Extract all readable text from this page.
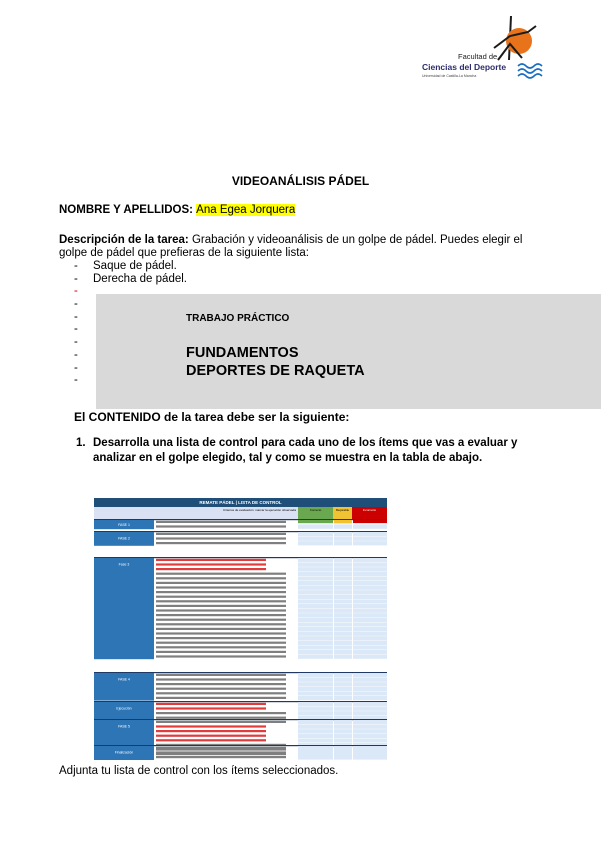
Facultad de
Ciencias del Deporte
Universidad de Castilla-La Mancha
VIDEOANÁLISIS PÁDEL
NOMBRE Y APELLIDOS: Ana Egea Jorquera
Descripción de la tarea: Grabación y videoanálisis de un golpe de pádel. Puedes elegir el golpe de pádel que prefieras de la siguiente lista:
-	Saque de pádel.
-	Derecha de pádel.
-
-
-
-
-
-
-
-
TRABAJO PRÁCTICO
FUNDAMENTOS
DEPORTES DE RAQUETA
El CONTENIDO de la tarea debe ser la siguiente:
1. Desarrolla una lista de control para cada uno de los ítems que vas a evaluar y analizar en el golpe elegido, tal y como se muestra en la tabla de abajo.
REMATE PÁDEL | LISTA DE CONTROL
Criterios de evaluación: marcar la ejecución observada	Correcto	Mejorable	Incorrecto
FASE 1
FASE 2
Fase 3
FASE 4
Ejecución
FASE 5
Finalización
Adjunta tu lista de control con los ítems seleccionados.
